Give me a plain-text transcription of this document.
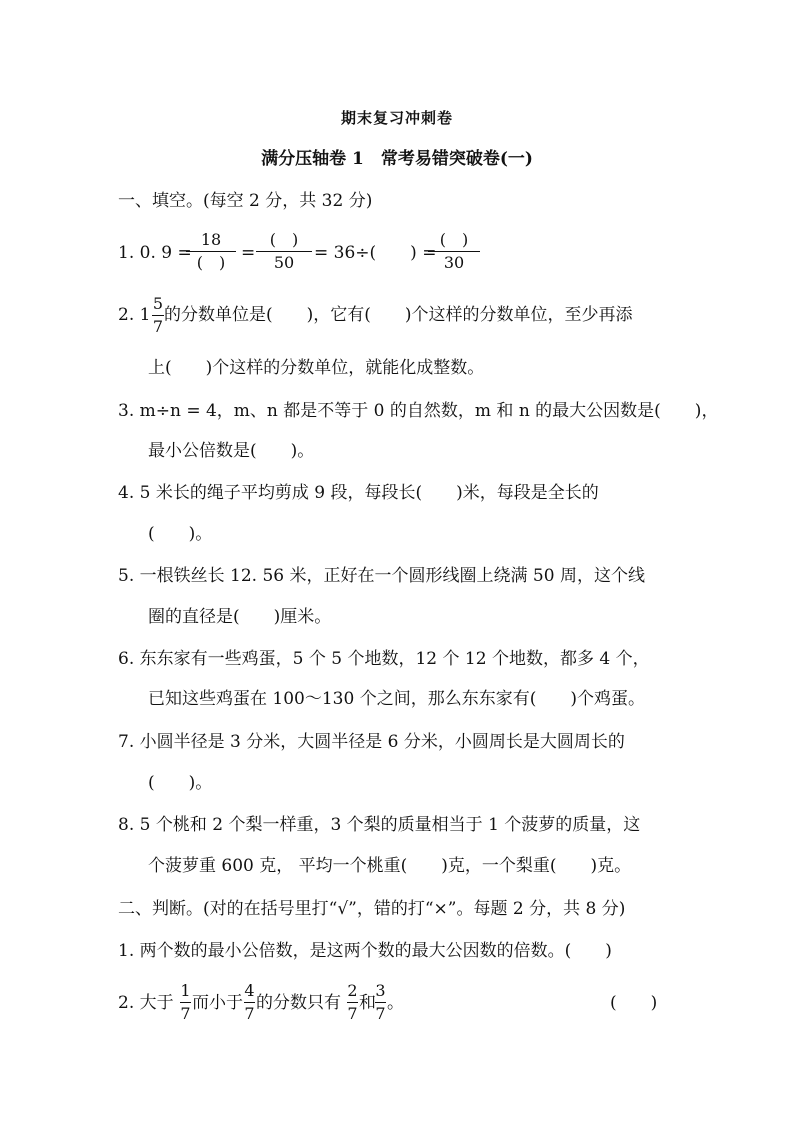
期末复习冲刺卷
满分压轴卷 1　常考易错突破卷(一)
一、填空。(每空 2 分，共 32 分)
1. 0. 9 =
18
(　) =
(　)
50	= 36÷(　　) =
(　)
30
2. 1
5
7
的分数单位是(　　)，它有(　　)个这样的分数单位，至少再添
上(　　)个这样的分数单位，就能化成整数。
3. m÷n = 4，m、n 都是不等于 0 的自然数，m 和 n 的最大公因数是(　　)，
最小公倍数是(　　)。
4. 5 米长的绳子平均剪成 9 段，每段长(　　)米，每段是全长的
(　　)。
5. 一根铁丝长 12. 56 米，正好在一个圆形线圈上绕满 50 周，这个线
圈的直径是(　　)厘米。
6. 东东家有一些鸡蛋，5 个 5 个地数，12 个 12 个地数，都多 4 个，
已知这些鸡蛋在 100～130 个之间，那么东东家有(　　)个鸡蛋。
7. 小圆半径是 3 分米，大圆半径是 6 分米，小圆周长是大圆周长的
(　　)。
8. 5 个桃和 2 个梨一样重，3 个梨的质量相当于 1 个菠萝的质量，这
个菠萝重 600 克， 平均一个桃重(　　)克，一个梨重(　　)克。
二、判断。(对的在括号里打“√”，错的打“×”。每题 2 分，共 8 分)
1. 两个数的最小公倍数，是这两个数的最大公因数的倍数。(　　)
2. 大于
1
7
而小于
4
7
的分数只有
2
7
和
3
7
。	(　　)
